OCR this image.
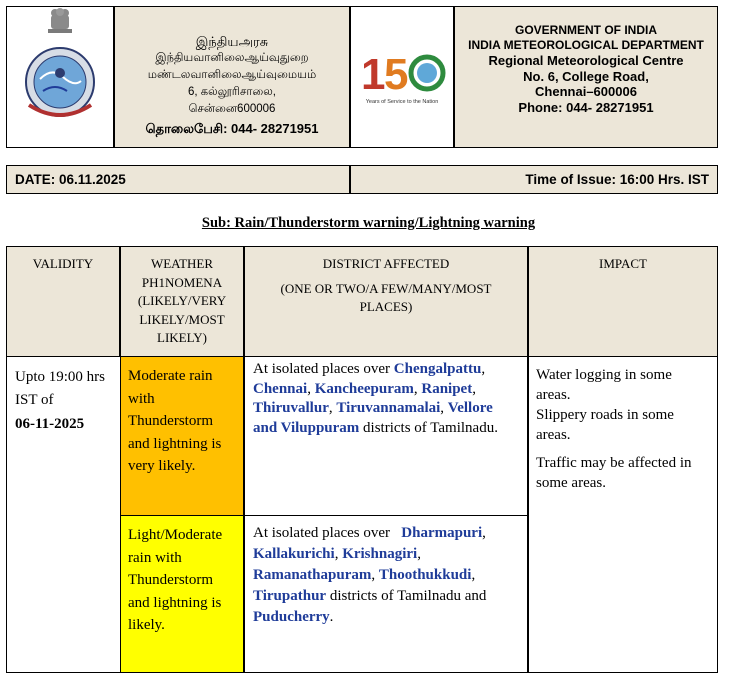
இந்தியஅரசு
இந்தியவானிலைஆய்வுதுறை
மண்டலவானிலைஆய்வுமையம்
6, கல்லூரிசாலை,
சென்னை600006
தொலைபேசி: 044- 28271951
1
5
Years of Service to the Nation
GOVERNMENT OF INDIA
INDIA METEOROLOGICAL DEPARTMENT
Regional Meteorological Centre
No. 6, College Road,
Chennai–600006
Phone: 044- 28271951
DATE: 06.11.2025	Time of Issue: 16:00 Hrs. IST
Sub: Rain/Thunderstorm warning/Lightning warning
VALIDITY	WEATHER PH1NOMENA (LIKELY/VERY LIKELY/MOST LIKELY)
DISTRICT AFFECTED
(ONE OR TWO/A FEW/MANY/MOST PLACES)
IMPACT
Upto 19:00 hrs IST of
06-11-2025
Moderate rain with Thunderstorm and lightning is very likely.
Light/Moderate rain with Thunderstorm and lightning is likely.
At isolated places over Chengalpattu, Chennai, Kancheepuram, Ranipet, Thiruvallur, Tiruvannamalai, Vellore and Viluppuram districts of Tamilnadu.
At isolated places over Dharmapuri, Kallakurichi, Krishnagiri, Ramanathapuram, Thoothukkudi, Tirupathur districts of Tamilnadu and Puducherry.

Water logging in some areas.
Slippery roads in some areas.

Traffic may be affected in some areas.
